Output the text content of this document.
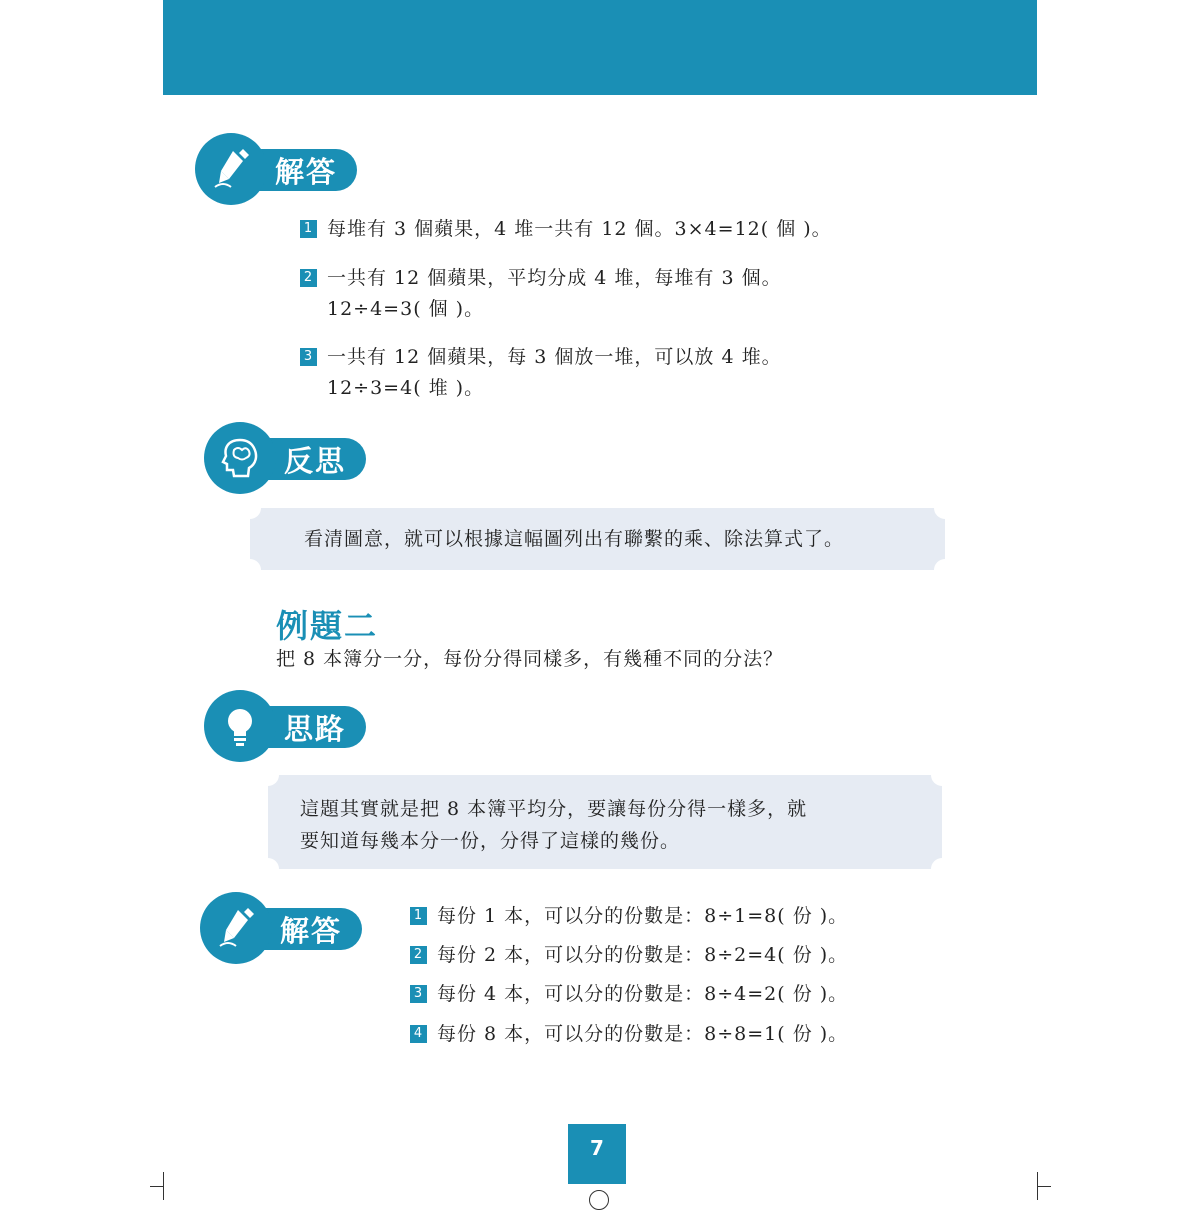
解答
1 每堆有 3 個蘋果，4 堆一共有 12 個。3×4=12( 個 )。
2 一共有 12 個蘋果，平均分成 4 堆，每堆有 3 個。
12÷4=3( 個 )。
3 一共有 12 個蘋果，每 3 個放一堆，可以放 4 堆。
12÷3=4( 堆 )。
反思
看清圖意，就可以根據這幅圖列出有聯繫的乘、除法算式了。
例題二
把 8 本簿分一分，每份分得同樣多，有幾種不同的分法？
思路
這題其實就是把 8 本簿平均分，要讓每份分得一樣多，就
要知道每幾本分一份，分得了這樣的幾份。
解答	1 每份 1 本，可以分的份數是：8÷1=8( 份 )。
2 每份 2 本，可以分的份數是：8÷2=4( 份 )。
3 每份 4 本，可以分的份數是：8÷4=2( 份 )。
4 每份 8 本，可以分的份數是：8÷8=1( 份 )。
7
